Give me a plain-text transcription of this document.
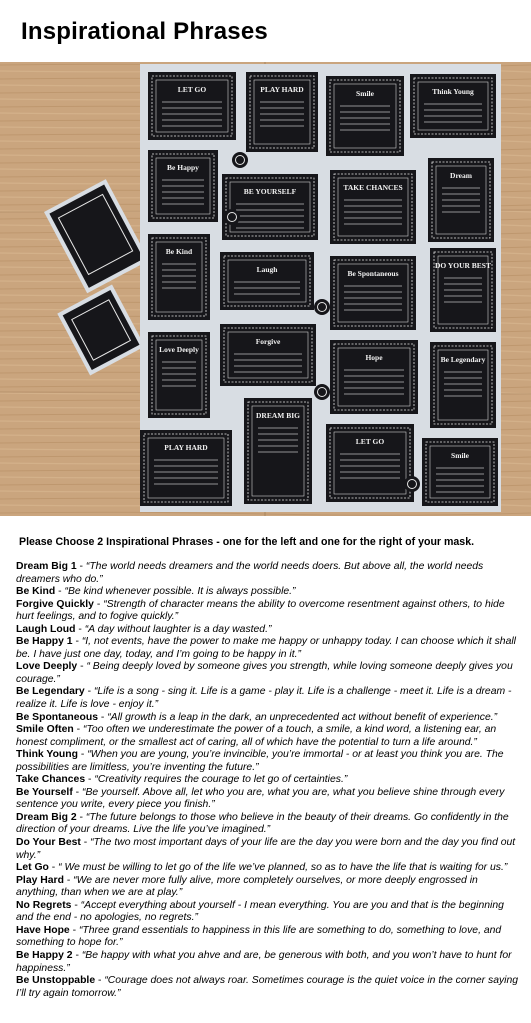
Inspirational Phrases
LET GO	PLAY HARD	Smile	Think Young
Be Happy
BE YOURSELF	TAKE CHANCES
Dream
Be Kind
Laugh	Be Spontaneous
DO YOUR BEST
Love Deeply
Forgive
Hope	Be Legendary
DREAM BIG
LET GO
PLAY HARD
Smile
Please Choose 2 Inspirational Phrases - one for the left and one for the right of your mask.

Dream Big 1 - “The world needs dreamers and the world needs doers. But above all, the world needs dreamers who do.”

Be Kind - “Be kind whenever possible. It is always possible.”

Forgive Quickly - “Strength of character means the ability to overcome resentment against others, to hide hurt feelings, and to fogive quickly.”

Laugh Loud - “A day without laughter is a day wasted.”

Be Happy 1 - “I, not events, have the power to make me happy or unhappy today. I can choose which it shall be. I have just one day, today, and I’m going to be happy in it.”

Love Deeply - “ Being deeply loved by someone gives you strength, while loving someone deeply gives you courage.”

Be Legendary - “Life is a song - sing it. Life is a game - play it. Life is a challenge - meet it. Life is a dream - realize it. Life is love - enjoy it.”

Be Spontaneous - “All growth is a leap in the dark, an unprecedented act without benefit of experience.”

Smile Often - “Too often we underestimate the power of a touch, a smile, a kind word, a listening ear, an honest compliment, or the smallest act of caring, all of which have the potential to turn a life around.”

Think Young - “When you are young, you’re invincible, you’re immortal - or at least you think you are. The possibilities are limitless, you’re inventing the future.”

Take Chances - “Creativity requires the courage to let go of certainties.”

Be Yourself - “Be yourself. Above all, let who you are, what you are, what you believe shine through every sentence you write, every piece you finish.”

Dream Big 2 - “The future belongs to those who believe in the beauty of their dreams. Go confidently in the direction of your dreams. Live the life you’ve imagined.”

Do Your Best - “The two most important days of your life are the day you were born and the day you find out why.”

Let Go - “ We must be willing to let go of the life we’ve planned, so as to have the life that is waiting for us.”

Play Hard - “We are never more fully alive, more completely ourselves, or more deeply engrossed in anything, than when we are at play.”

No Regrets - “Accept everything about yourself - I mean everything. You are you and that is the beginning and the end - no apologies, no regrets.”

Have Hope - “Three grand essentials to happiness in this life are something to do, something to love, and something to hope for.”

Be Happy 2 - “Be happy with what you ahve and are, be generous with both, and you won’t have to hunt for happiness.”

Be Unstoppable - “Courage does not always roar. Sometimes courage is the quiet voice in the corner saying I’ll try again tomorrow.”
